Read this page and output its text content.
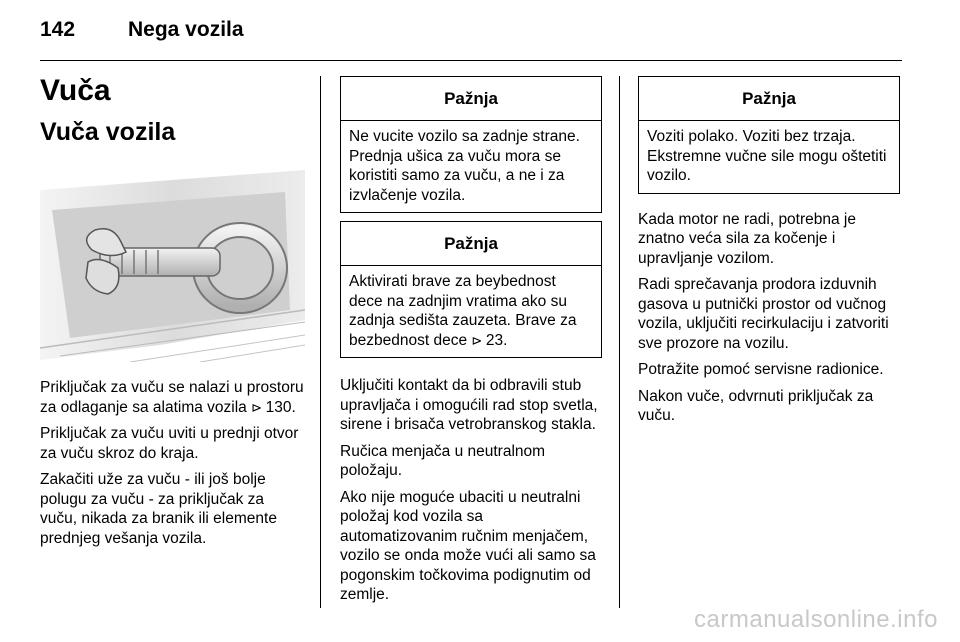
142	Nega vozila
Vuča
Vuča vozila

Priključak za vuču se nalazi u prostoru za odlaganje sa alatima vozila ⊳ 130.

Priključak za vuču uviti u prednji otvor za vuču skroz do kraja.

Zakačiti uže za vuču - ili još bolje polugu za vuču - za priključak za vuču, nikada za branik ili elemente prednjeg vešanja vozila.

Pažnja
Ne vucite vozilo sa zadnje strane. Prednja ušica za vuču mora se koristiti samo za vuču, a ne i za izvlačenje vozila.
Pažnja
Aktivirati brave za beybednost dece na zadnjim vratima ako su zadnja sedišta zauzeta. Brave za bezbednost dece ⊳ 23.

Uključiti kontakt da bi odbravili stub upravljača i omogućili rad stop svetla, sirene i brisača vetrobranskog stakla.

Ručica menjača u neutralnom položaju.

Ako nije moguće ubaciti u neutralni položaj kod vozila sa automatizovanim ručnim menjačem, vozilo se onda može vući ali samo sa pogonskim točkovima podignutim od zemlje.

Pažnja
Voziti polako. Voziti bez trzaja. Ekstremne vučne sile mogu oštetiti vozilo.

Kada motor ne radi, potrebna je znatno veća sila za kočenje i upravljanje vozilom.

Radi sprečavanja prodora izduvnih gasova u putnički prostor od vučnog vozila, uključiti recirkulaciju i zatvoriti sve prozore na vozilu.

Potražite pomoć servisne radionice.

Nakon vuče, odvrnuti priključak za vuču.

carmanualsonline.info
